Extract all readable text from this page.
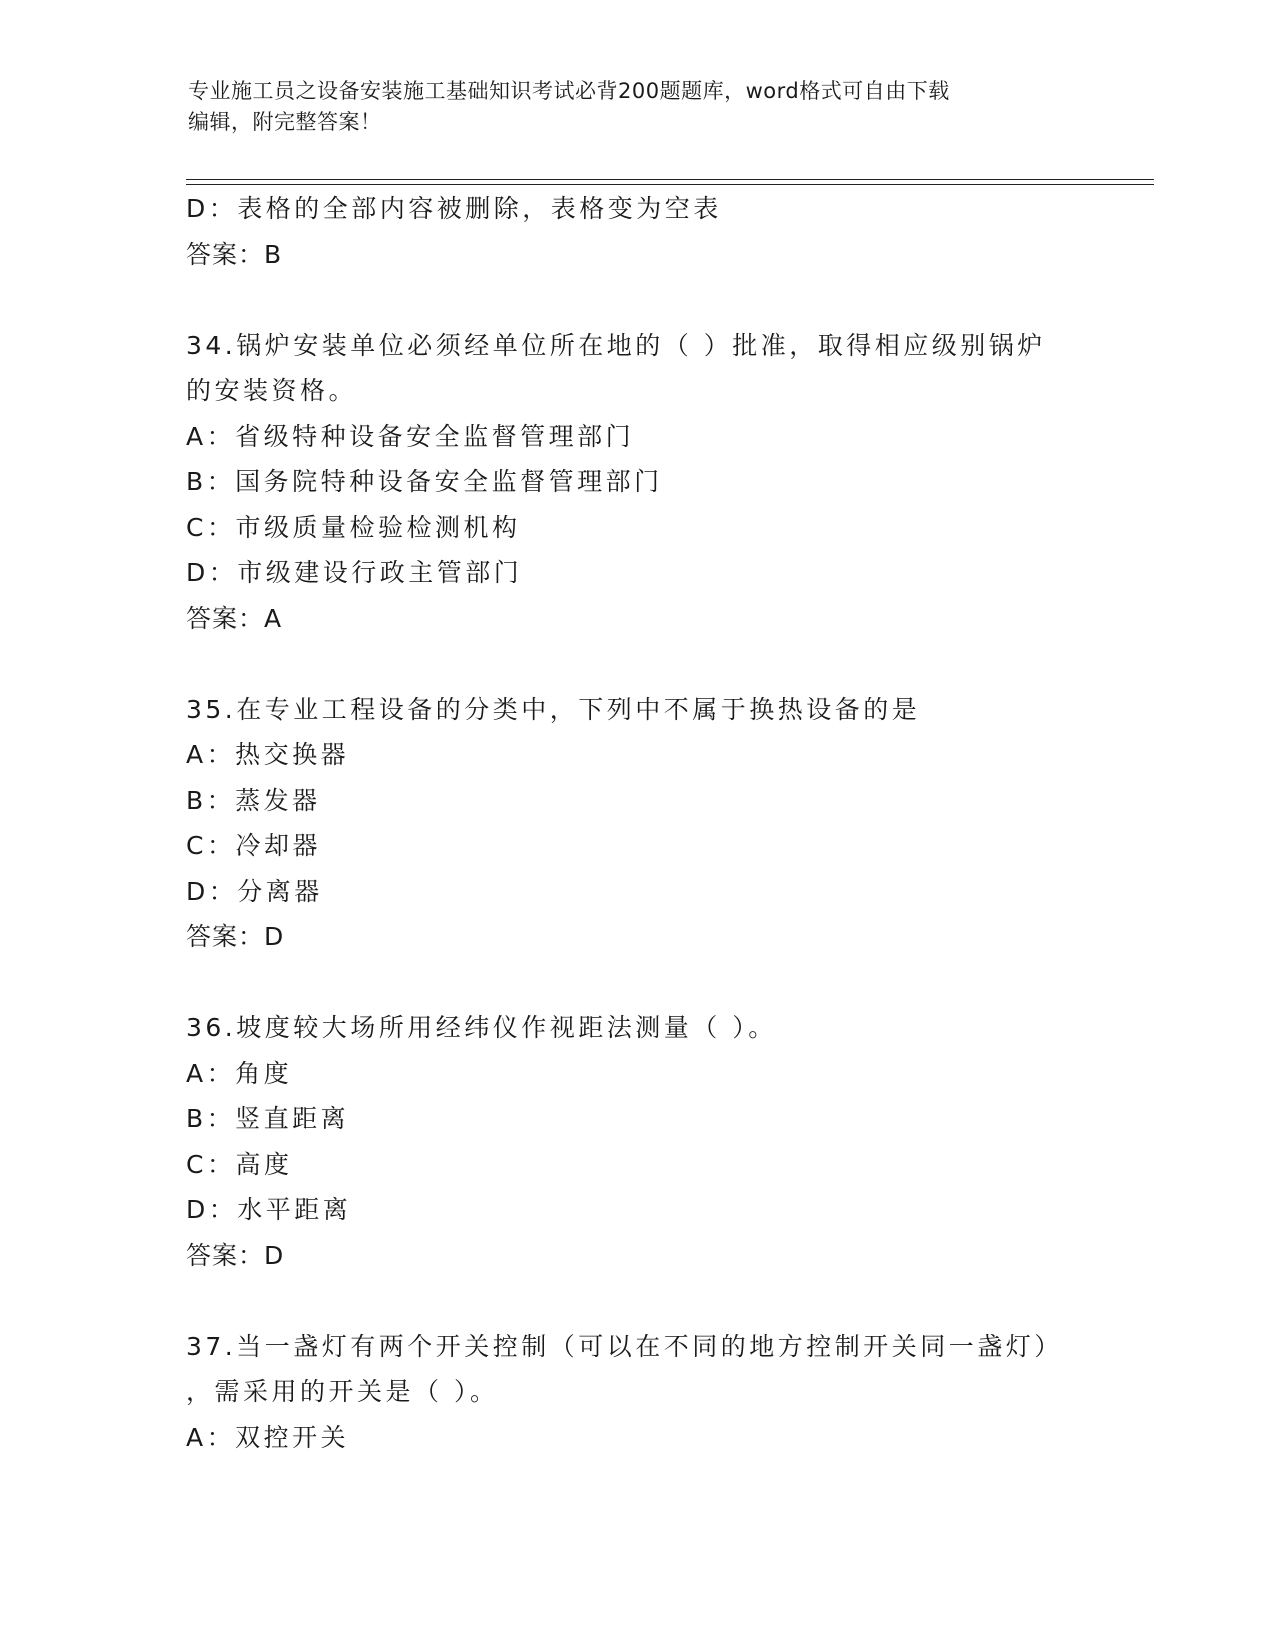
专业施工员之设备安装施工基础知识考试必背200题题库，word格式可自由下载
编辑，附完整答案！
D：表格的全部内容被删除，表格变为空表
答案：B
34.锅炉安装单位必须经单位所在地的（ ）批准，取得相应级别锅炉
的安装资格。
A：省级特种设备安全监督管理部门
B：国务院特种设备安全监督管理部门
C：市级质量检验检测机构
D：市级建设行政主管部门
答案：A
35.在专业工程设备的分类中，下列中不属于换热设备的是
A：热交换器
B：蒸发器
C：冷却器
D：分离器
答案：D
36.坡度较大场所用经纬仪作视距法测量（ ）。
A：角度
B：竖直距离
C：高度
D：水平距离
答案：D
37.当一盏灯有两个开关控制（可以在不同的地方控制开关同一盏灯）
，需采用的开关是（ ）。
A：双控开关
